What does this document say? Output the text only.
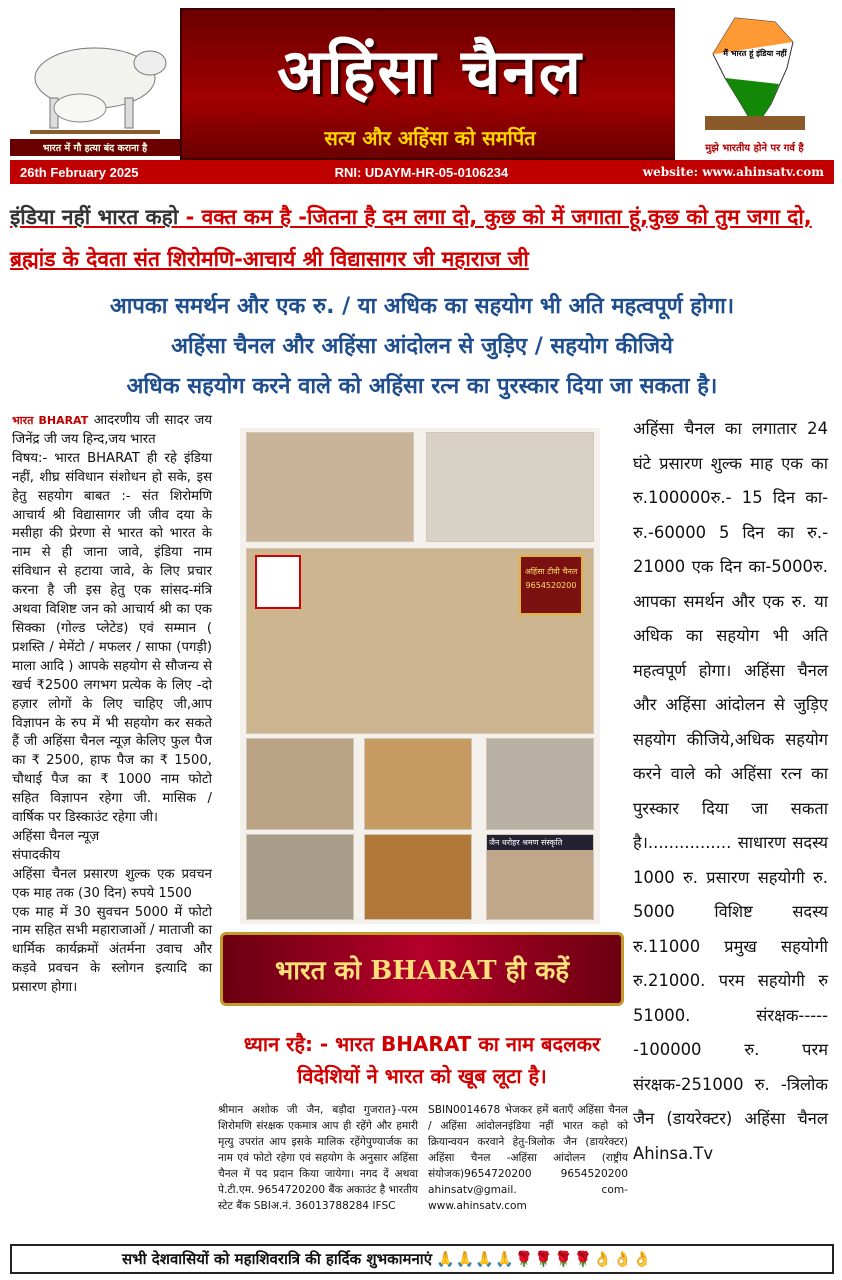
भारत में गौ हत्या बंद कराना है
अहिंसा चैनल
सत्य और अहिंसा को समर्पित
मैं भारत हूं इंडिया नहीं
मुझे भारतीय होने पर गर्व है
26th February 2025	RNI: UDAYM-HR-05-0106234	website: www.ahinsatv.com
इंडिया नहीं भारत कहो - वक्त कम है -जितना है दम लगा दो, कुछ को में जगाता हूं,कुछ को तुम जगा दो, ब्रह्मांड के देवता संत शिरोमणि-आचार्य श्री विद्यासागर जी महाराज जी
आपका समर्थन और एक रु. / या अधिक का सहयोग भी अति महत्वपूर्ण होगा।
अहिंसा चैनल और अहिंसा आंदोलन से जुड़िए / सहयोग कीजिये
अधिक सहयोग करने वाले को अहिंसा रत्न का पुरस्कार दिया जा सकता है।
भारत BHARAT आदरणीय जी सादर जय जिनेंद्र जी जय हिन्द,जय भारत
विषय:- भारत BHARAT ही रहे इंडिया नहीं, शीघ्र संविधान संशोधन हो सके, इस हेतु सहयोग बाबत :- संत शिरोमणि आचार्य श्री विद्यासागर जी जीव दया के मसीहा की प्रेरणा से भारत को भारत के नाम से ही जाना जावे, इंडिया नाम संविधान से हटाया जावे, के लिए प्रचार करना है जी इस हेतु एक सांसद-मंत्रि अथवा विशिष्ट जन को आचार्य श्री का एक सिक्का (गोल्ड प्लेटेड) एवं सम्मान ( प्रशस्ति / मेमेंटो / मफलर / साफा (पगड़ी) माला आदि ) आपके सहयोग से सौजन्य से खर्च ₹2500 लगभग प्रत्येक के लिए -दो हज़ार लोगों के लिए चाहिए जी,आप विज्ञापन के रुप में भी सहयोग कर सकते हैं जी अहिंसा चैनल न्यूज़ केलिए फुल पैज का ₹ 2500, हाफ पैज का ₹ 1500, चौथाई पैज का ₹ 1000 नाम फोटो सहित विज्ञापन रहेगा जी. मासिक / वार्षिक पर डिस्काउंट रहेगा जी।
अहिंसा चैनल न्यूज़
संपादकीय
अहिंसा चैनल प्रसारण शुल्क एक प्रवचन एक माह तक (30 दिन) रुपये 1500
एक माह में 30 सुवचन 5000 में फोटो नाम सहित सभी महाराजाओं / माताजी का धार्मिक कार्यक्रमों अंतर्मना उवाच और कड़वे प्रवचन के स्लोगन इत्यादि का प्रसारण होगा।
अहिंसा टीवी चैनल
9654520200
जैन धरोहर श्रमण संस्कृति
भारत को BHARAT ही कहें
ध्यान रहै: - भारत BHARAT का नाम बदलकर विदेशियों ने भारत को खूब लूटा है।
श्रीमान अशोक जी जैन, बड़ौदा गुजरात}-परम शिरोमणि संरक्षक एकमात्र आप ही रहेंगे और हमारी मृत्यु उपरांत आप इसके मालिक रहेंगेपुण्यार्जक का नाम एवं फोटो रहेगा एवं सहयोग के अनुसार अहिंसा चैनल में पद प्रदान किया जायेगा। नगद दें अथवा पे.टी.एम. 9654720200 बैंक अकाउंट है भारतीय स्टेट बैंक SBIअ.नं. 36013788284 IFSC
SBIN0014678 भेजकर हमें बताएँ अहिंसा चैनल / अहिंसा आंदोलनइंडिया नहीं भारत कहो को क्रियान्वयन करवाने हेतु-त्रिलोक जैन (डायरेक्टर) अहिंसा चैनल -अहिंसा आंदोलन (राष्ट्रीय संयोजक)9654720200 9654520200 ahinsatv@gmail. com-www.ahinsatv.com
अहिंसा चैनल का लगातार 24 घंटे प्रसारण शुल्क माह एक का रु.100000रु.- 15 दिन का-रु.-60000 5 दिन का रु.- 21000 एक दिन का-5000रु. आपका समर्थन और एक रु. या अधिक का सहयोग भी अति महत्वपूर्ण होगा। अहिंसा चैनल और अहिंसा आंदोलन से जुड़िए सहयोग कीजिये,अधिक सहयोग करने वाले को अहिंसा रत्न का पुरस्कार दिया जा सकता है।................ साधारण सदस्य 1000 रु. प्रसारण सहयोगी रु. 5000 विशिष्ट सदस्य रु.11000 प्रमुख सहयोगी रु.21000. परम सहयोगी रु 51000. संरक्षक------100000 रु. परम संरक्षक-251000 रु. -त्रिलोक जैन (डायरेक्टर) अहिंसा चैनल Ahinsa.Tv
सभी देशवासियों को महाशिवरात्रि की हार्दिक शुभकामनाएं 🙏🙏🙏🙏🌹🌹🌹🌹👌👌👌
